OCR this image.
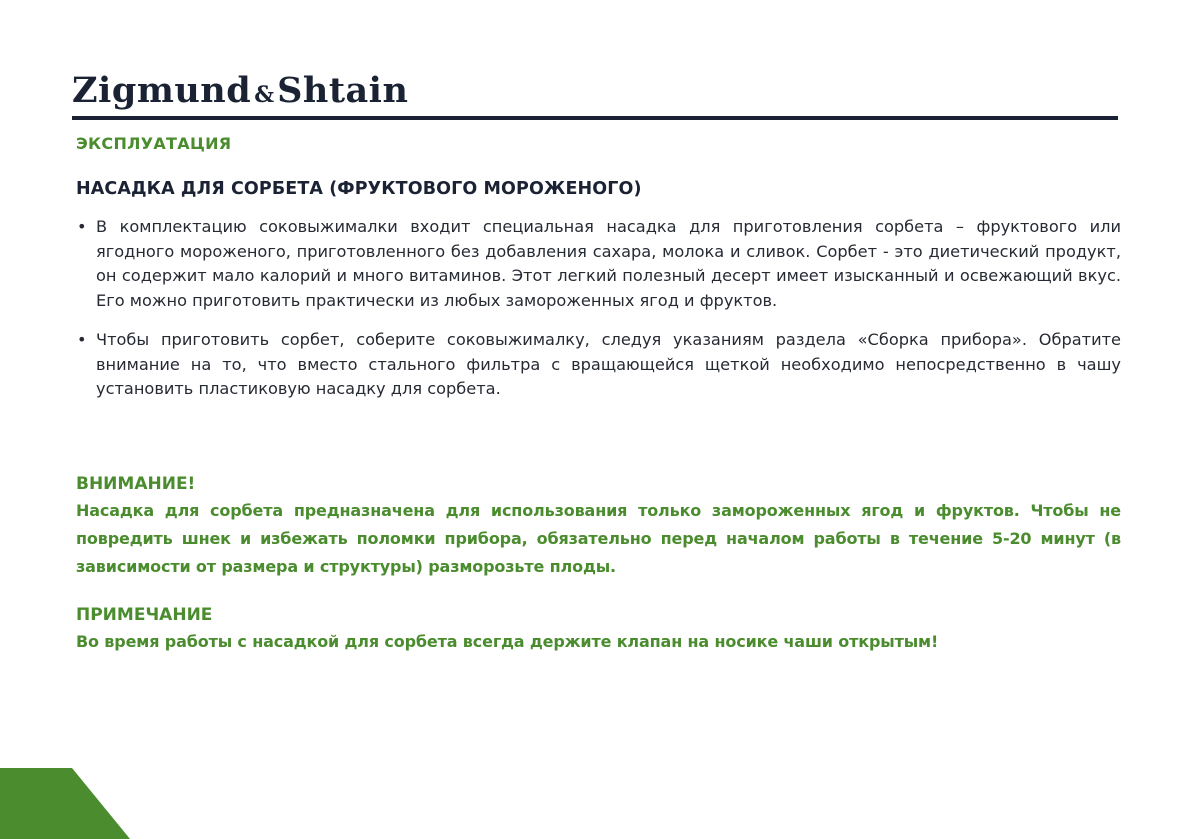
Zigmund & Shtain
ЭКСПЛУАТАЦИЯ
НАСАДКА ДЛЯ СОРБЕТА (ФРУКТОВОГО МОРОЖЕНОГО)
• В комплектацию соковыжималки входит специальная насадка для приготовления сорбета – фруктового или ягодного мороженого, приготовленного без добавления сахара, молока и сливок. Сорбет - это диетический продукт, он содержит мало калорий и много витаминов. Этот легкий полезный десерт имеет изысканный и освежающий вкус. Его можно приготовить практически из любых замороженных ягод и фруктов.
• Чтобы приготовить сорбет, соберите соковыжималку, следуя указаниям раздела «Сборка прибора». Обратите внимание на то, что вместо стального фильтра с вращающейся щеткой необходимо непосредственно в чашу установить пластиковую насадку для сорбета.
ВНИМАНИЕ!
Насадка для сорбета предназначена для использования только замороженных ягод и фруктов. Чтобы не повредить шнек и избежать поломки прибора, обязательно перед началом работы в течение 5-20 минут (в зависимости от размера и структуры) разморозьте плоды.
ПРИМЕЧАНИЕ
Во время работы с насадкой для сорбета всегда держите клапан на носике чаши открытым!
